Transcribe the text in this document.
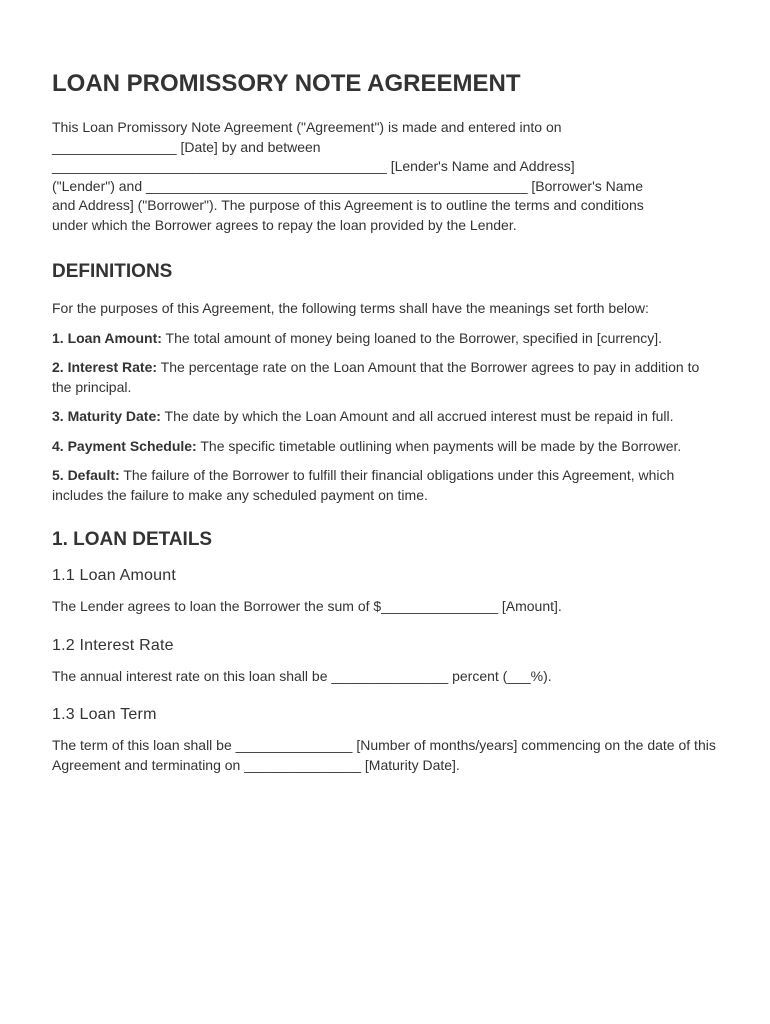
LOAN PROMISSORY NOTE AGREEMENT

This Loan Promissory Note Agreement ("Agreement") is made and entered into on
________________ [Date] by and between
___________________________________________ [Lender's Name and Address]
("Lender") and _________________________________________________ [Borrower's Name
and Address] ("Borrower"). The purpose of this Agreement is to outline the terms and conditions
under which the Borrower agrees to repay the loan provided by the Lender.

DEFINITIONS

For the purposes of this Agreement, the following terms shall have the meanings set forth below:

1. Loan Amount: The total amount of money being loaned to the Borrower, specified in [currency].

2. Interest Rate: The percentage rate on the Loan Amount that the Borrower agrees to pay in addition to the principal.

3. Maturity Date: The date by which the Loan Amount and all accrued interest must be repaid in full.

4. Payment Schedule: The specific timetable outlining when payments will be made by the Borrower.

5. Default: The failure of the Borrower to fulfill their financial obligations under this Agreement, which includes the failure to make any scheduled payment on time.

1. LOAN DETAILS
1.1 Loan Amount

The Lender agrees to loan the Borrower the sum of $_______________ [Amount].

1.2 Interest Rate

The annual interest rate on this loan shall be _______________ percent (___%).

1.3 Loan Term

The term of this loan shall be _______________ [Number of months/years] commencing on the date of this Agreement and terminating on _______________ [Maturity Date].
